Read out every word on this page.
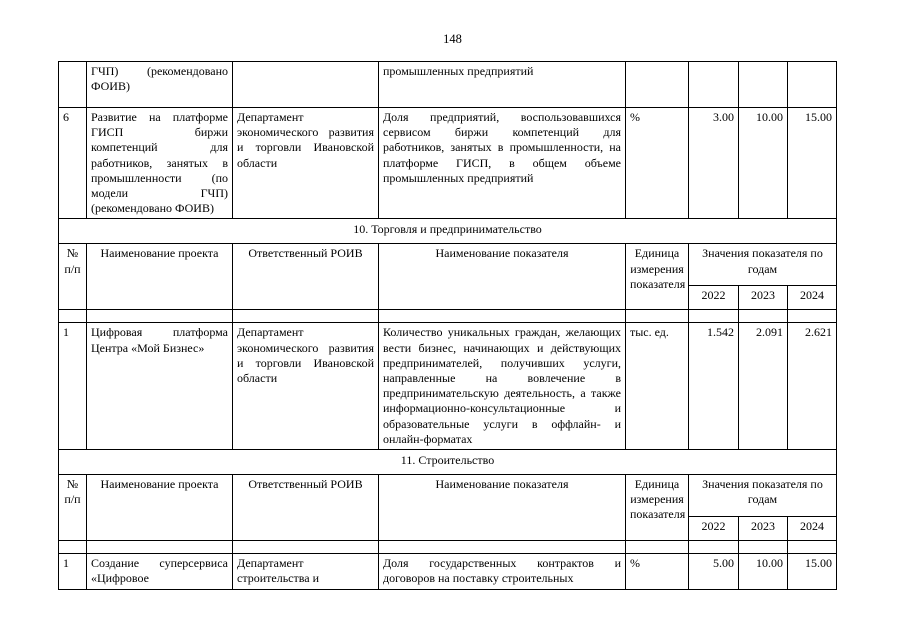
148
	ГЧП) (рекомендовано ФОИВ)		промышленных предприятий				
6	Развитие на платформе ГИСП биржи компетенций для работников, занятых в промышленности (по модели ГЧП) (рекомендовано ФОИВ)	Департамент экономического развития и торговли Ивановской области	Доля предприятий, воспользовавшихся сервисом биржи компетенций для работников, занятых в промышленности, на платформе ГИСП, в общем объеме промышленных предприятий	%	3.00	10.00	15.00
10. Торговля и предпринимательство							
№ п/п	Наименование проекта	Ответственный РОИВ	Наименование показателя	Единица измерения показателя	Значения показателя по годам		
					2022	2023	2024

1	Цифровая платформа Центра «Мой Бизнес»	Департамент экономического развития и торговли Ивановской области	Количество уникальных граждан, желающих вести бизнес, начинающих и действующих предпринимателей, получивших услуги, направленные на вовлечение в предпринимательскую деятельность, а также информационно-консультационные и образовательные услуги в оффлайн- и онлайн-форматах	тыс. ед.	1.542	2.091	2.621
11. Строительство							
№ п/п	Наименование проекта	Ответственный РОИВ	Наименование показателя	Единица измерения показателя	Значения показателя по годам		
					2022	2023	2024

1	Создание суперсервиса «Цифровое	Департамент строительства и	Доля государственных контрактов и договоров на поставку строительных	%	5.00	10.00	15.00
